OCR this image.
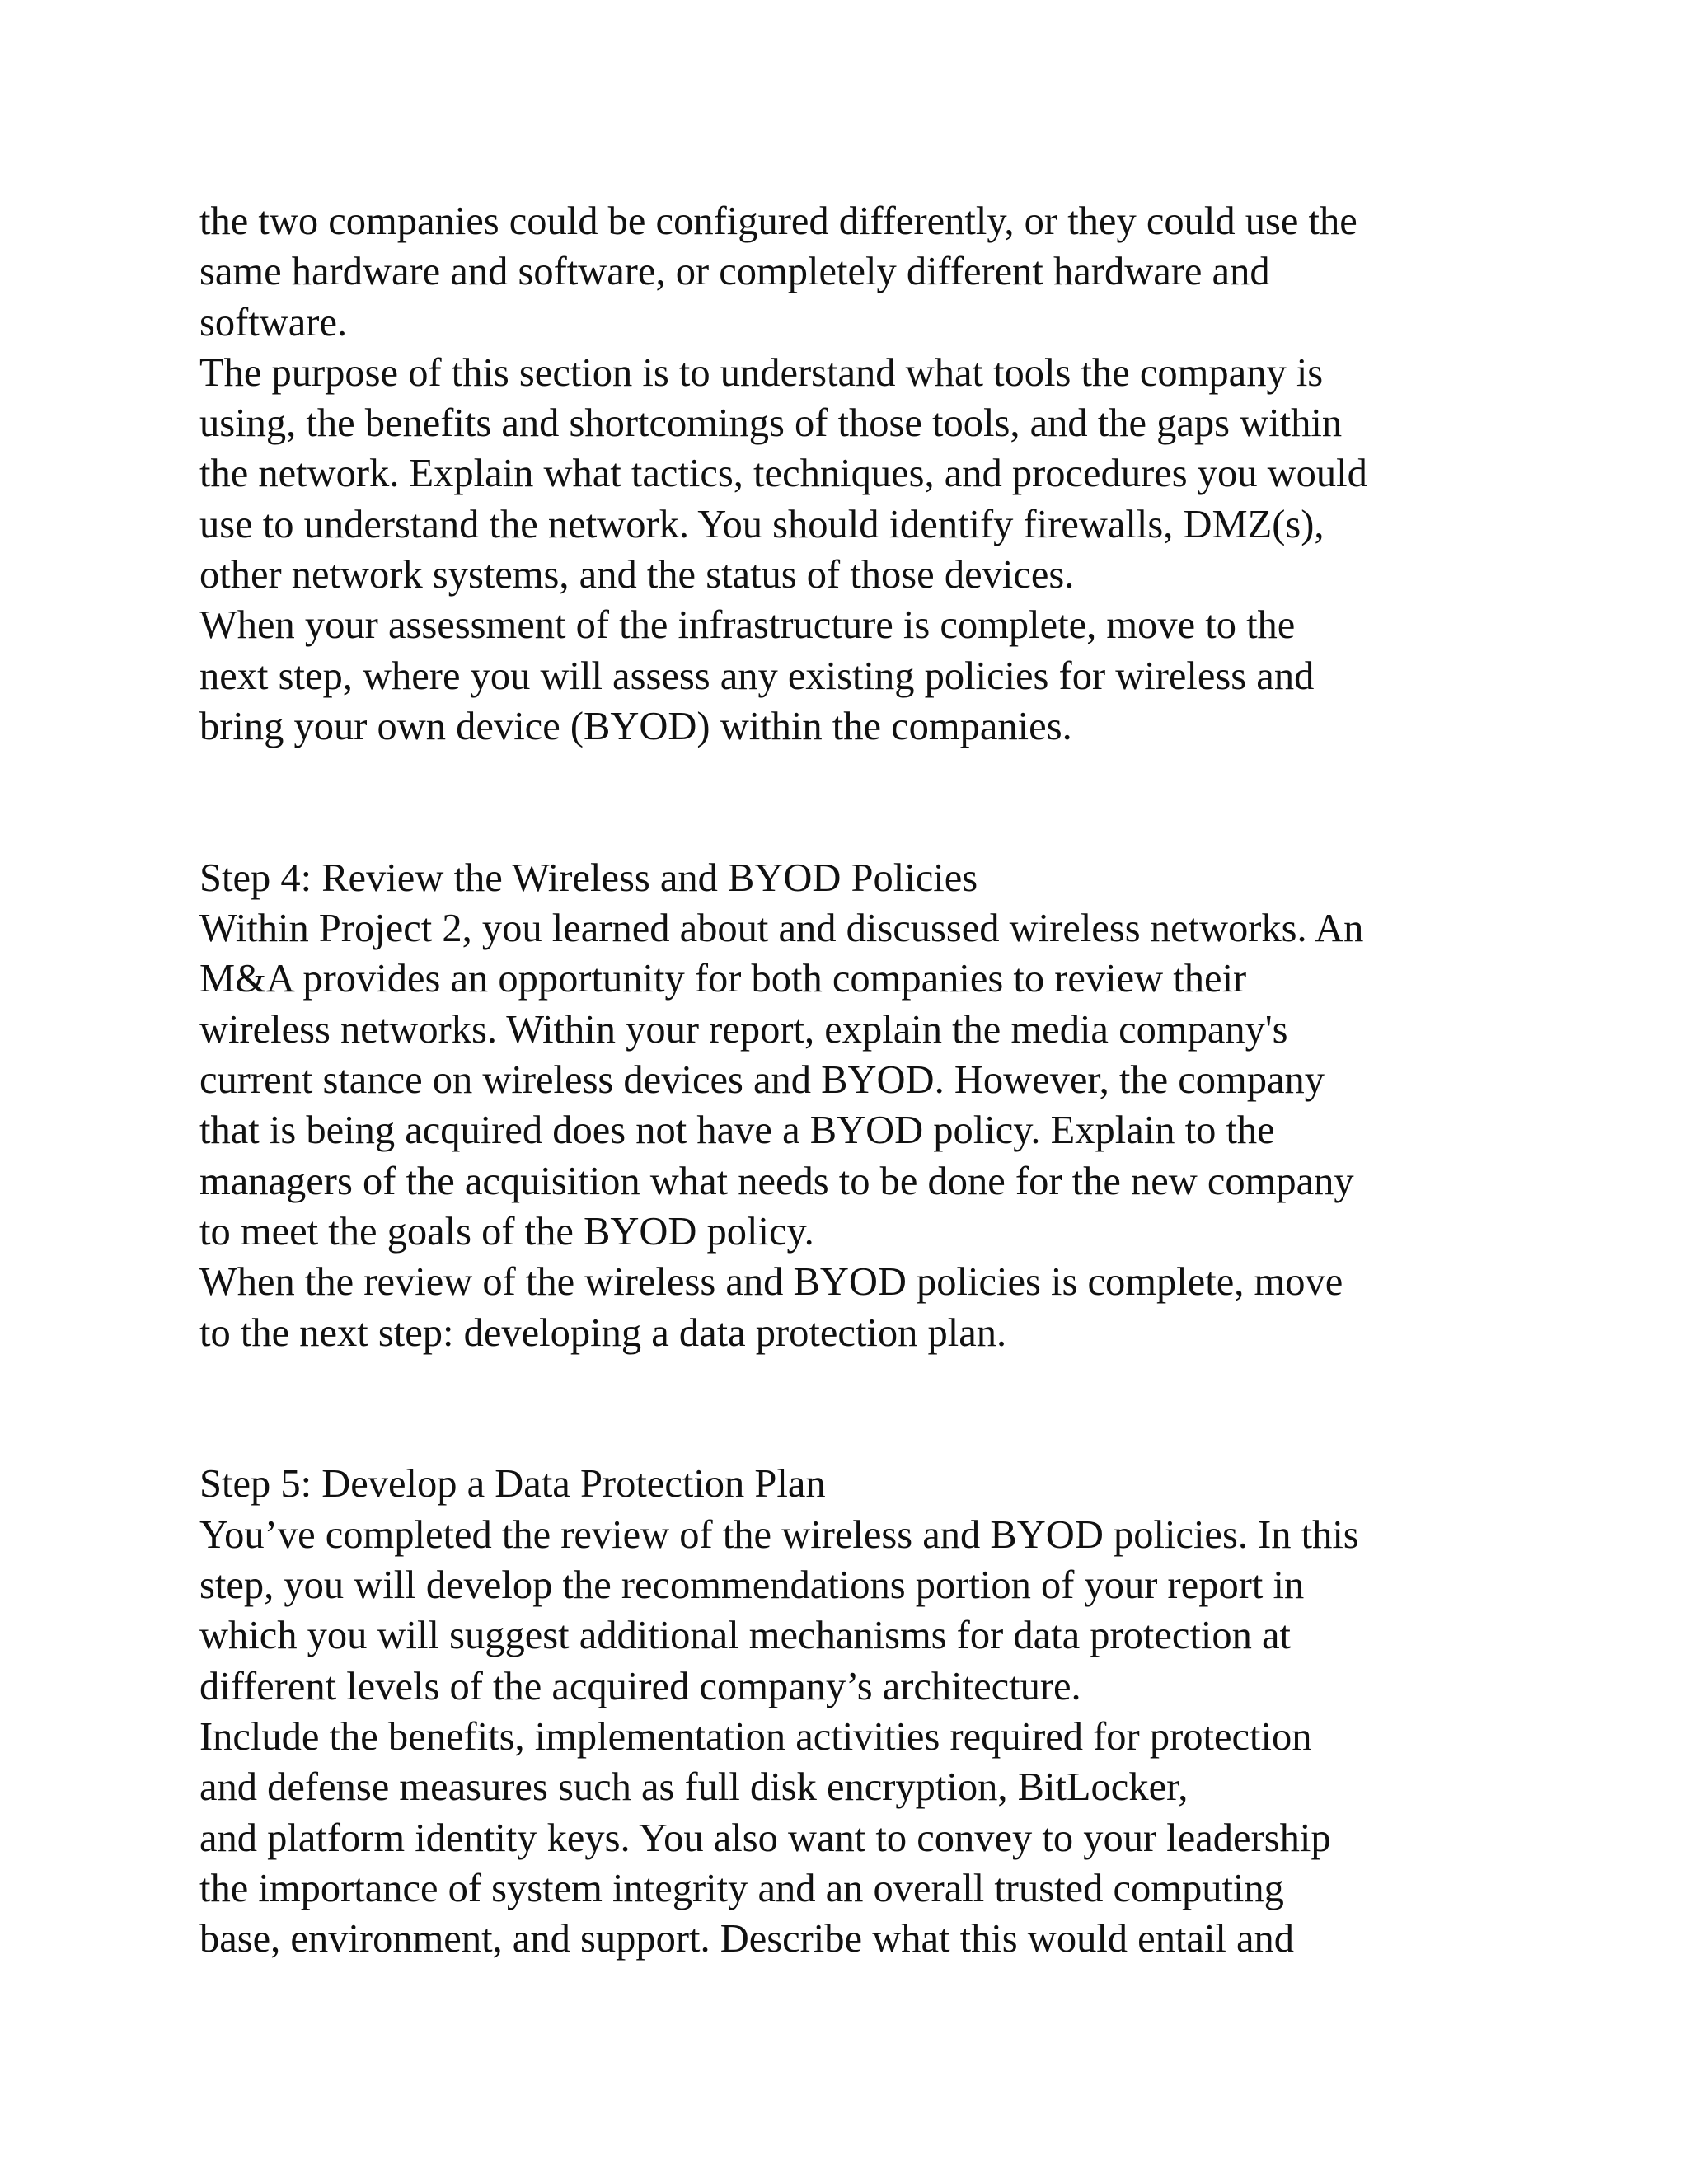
the two companies could be configured differently, or they could use the
same hardware and software, or completely different hardware and
software.
The purpose of this section is to understand what tools the company is
using, the benefits and shortcomings of those tools, and the gaps within
the network. Explain what tactics, techniques, and procedures you would
use to understand the network. You should identify firewalls, DMZ(s),
other network systems, and the status of those devices.
When your assessment of the infrastructure is complete, move to the
next step, where you will assess any existing policies for wireless and
bring your own device (BYOD) within the companies.
Step 4: Review the Wireless and BYOD Policies
Within Project 2, you learned about and discussed wireless networks. An
M&A provides an opportunity for both companies to review their
wireless networks. Within your report, explain the media company's
current stance on wireless devices and BYOD. However, the company
that is being acquired does not have a BYOD policy. Explain to the
managers of the acquisition what needs to be done for the new company
to meet the goals of the BYOD policy.
When the review of the wireless and BYOD policies is complete, move
to the next step: developing a data protection plan.
Step 5: Develop a Data Protection Plan
You’ve completed the review of the wireless and BYOD policies. In this
step, you will develop the recommendations portion of your report in
which you will suggest additional mechanisms for data protection at
different levels of the acquired company’s architecture.
Include the benefits, implementation activities required for protection
and defense measures such as full disk encryption, BitLocker,
and platform identity keys. You also want to convey to your leadership
the importance of system integrity and an overall trusted computing
base, environment, and support. Describe what this would entail and
